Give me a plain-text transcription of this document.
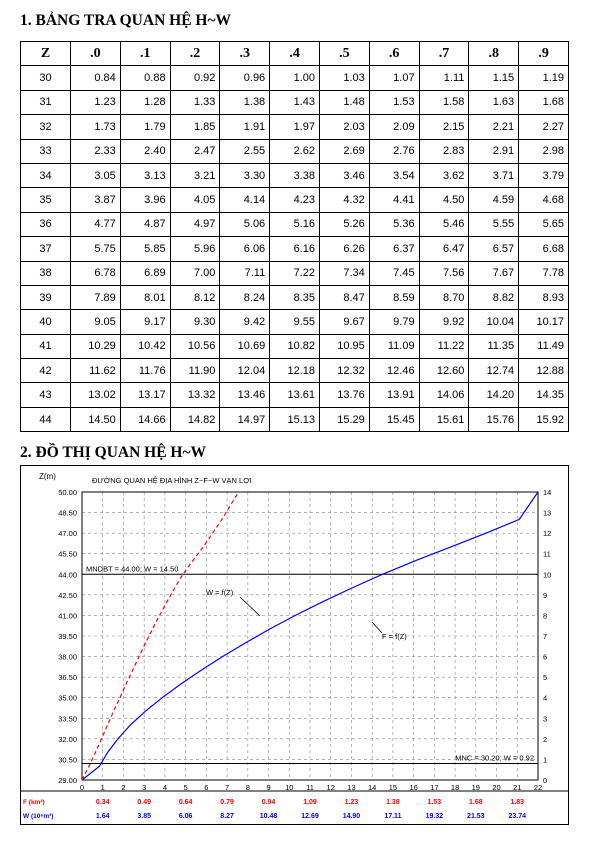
1. BẢNG TRA QUAN HỆ H~W
Z	.0	.1	.2	.3	.4	.5	.6	.7	.8	.9
30	0.84	0.88	0.92	0.96	1.00	1.03	1.07	1.11	1.15	1.19
31	1.23	1.28	1.33	1.38	1.43	1.48	1.53	1.58	1.63	1.68
32	1.73	1.79	1.85	1.91	1.97	2.03	2.09	2.15	2.21	2.27
33	2.33	2.40	2.47	2.55	2.62	2.69	2.76	2.83	2.91	2.98
34	3.05	3.13	3.21	3.30	3.38	3.46	3.54	3.62	3.71	3.79
35	3.87	3.96	4.05	4.14	4.23	4.32	4.41	4.50	4.59	4.68
36	4.77	4.87	4.97	5.06	5.16	5.26	5.36	5.46	5.55	5.65
37	5.75	5.85	5.96	6.06	6.16	6.26	6.37	6.47	6.57	6.68
38	6.78	6.89	7.00	7.11	7.22	7.34	7.45	7.56	7.67	7.78
39	7.89	8.01	8.12	8.24	8.35	8.47	8.59	8.70	8.82	8.93
40	9.05	9.17	9.30	9.42	9.55	9.67	9.79	9.92	10.04	10.17
41	10.29	10.42	10.56	10.69	10.82	10.95	11.09	11.22	11.35	11.49
42	11.62	11.76	11.90	12.04	12.18	12.32	12.46	12.60	12.74	12.88
43	13.02	13.17	13.32	13.46	13.61	13.76	13.91	14.06	14.20	14.35
44	14.50	14.66	14.82	14.97	15.13	15.29	15.45	15.61	15.76	15.92
2. ĐỒ THỊ QUAN HỆ H~W
29.00
30.50
32.00
33.50
35.00
36.50
38.00
39.50
41.00
42.50
44.00
45.50
47.00
48.50
50.00
0 1 2 3 4 5 6 7 8 9 10 11 12 13 14 15 16 17 18 19 20 21 22
0
1
2
3
4
5
6
7
8
9
10
11
12
13
14
Z(m)	ĐƯỜNG QUAN HỆ ĐỊA HÌNH Z~F~W VẠN LỢI
MNDBT = 44.00; W = 14.50
MNC = 30.20; W = 0.92
W = f(Z)
F = f(Z)
F (km²)	0.34	0.49	0.64	0.79	0.94	1.09	1.23	1.38	1.53	1.68	1.83
W (10⁶m³)	1.64	3.85	6.06	8.27	10.48	12.69	14.90	17.11	19.32	21.53	23.74
